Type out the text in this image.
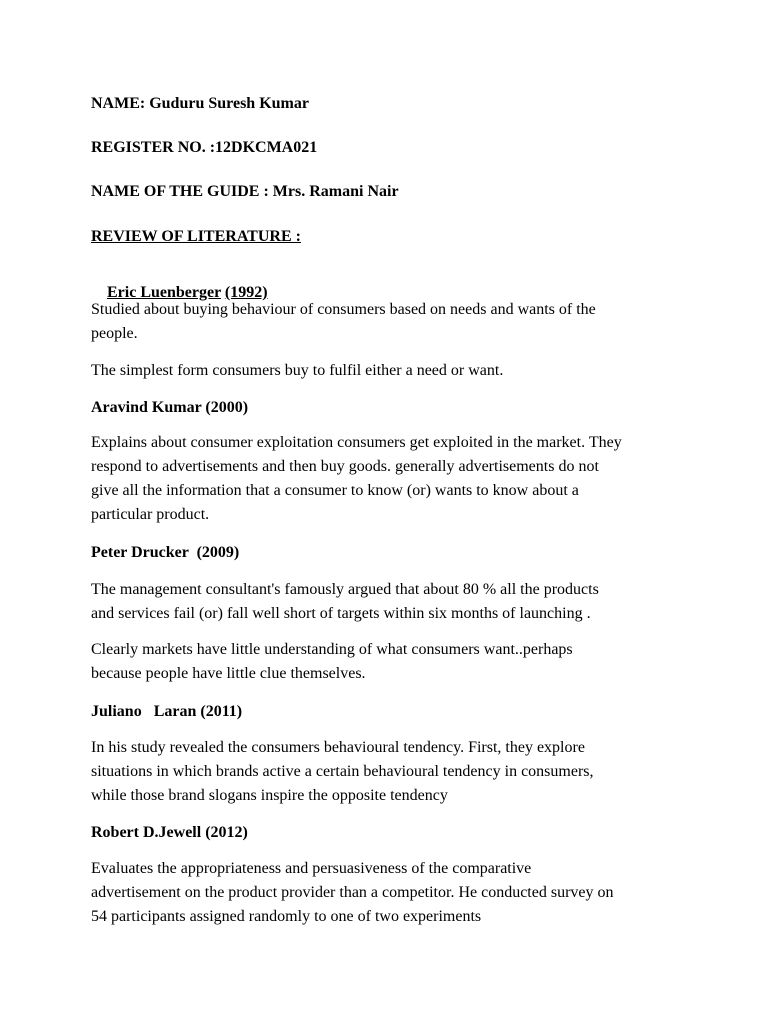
NAME: Guduru Suresh Kumar
REGISTER NO. :12DKCMA021
NAME OF THE GUIDE : Mrs. Ramani Nair
REVIEW OF LITERATURE :

Eric Luenberger (1992)

Studied about buying behaviour of consumers based on needs and wants of the
people.

The simplest form consumers buy to fulfil either a need or want.

Aravind Kumar (2000)

Explains about consumer exploitation consumers get exploited in the market. They
respond to advertisements and then buy goods. generally advertisements do not
give all the information that a consumer to know (or) wants to know about a
particular product.

Peter Drucker  (2009)

The management consultant's famously argued that about 80 % all the products
and services fail (or) fall well short of targets within six months of launching .

Clearly markets have little understanding of what consumers want..perhaps
because people have little clue themselves.

Juliano   Laran (2011)

In his study revealed the consumers behavioural tendency. First, they explore
situations in which brands active a certain behavioural tendency in consumers,
while those brand slogans inspire the opposite tendency

Robert D.Jewell (2012)

Evaluates the appropriateness and persuasiveness of the comparative
advertisement on the product provider than a competitor. He conducted survey on
54 participants assigned randomly to one of two experiments
